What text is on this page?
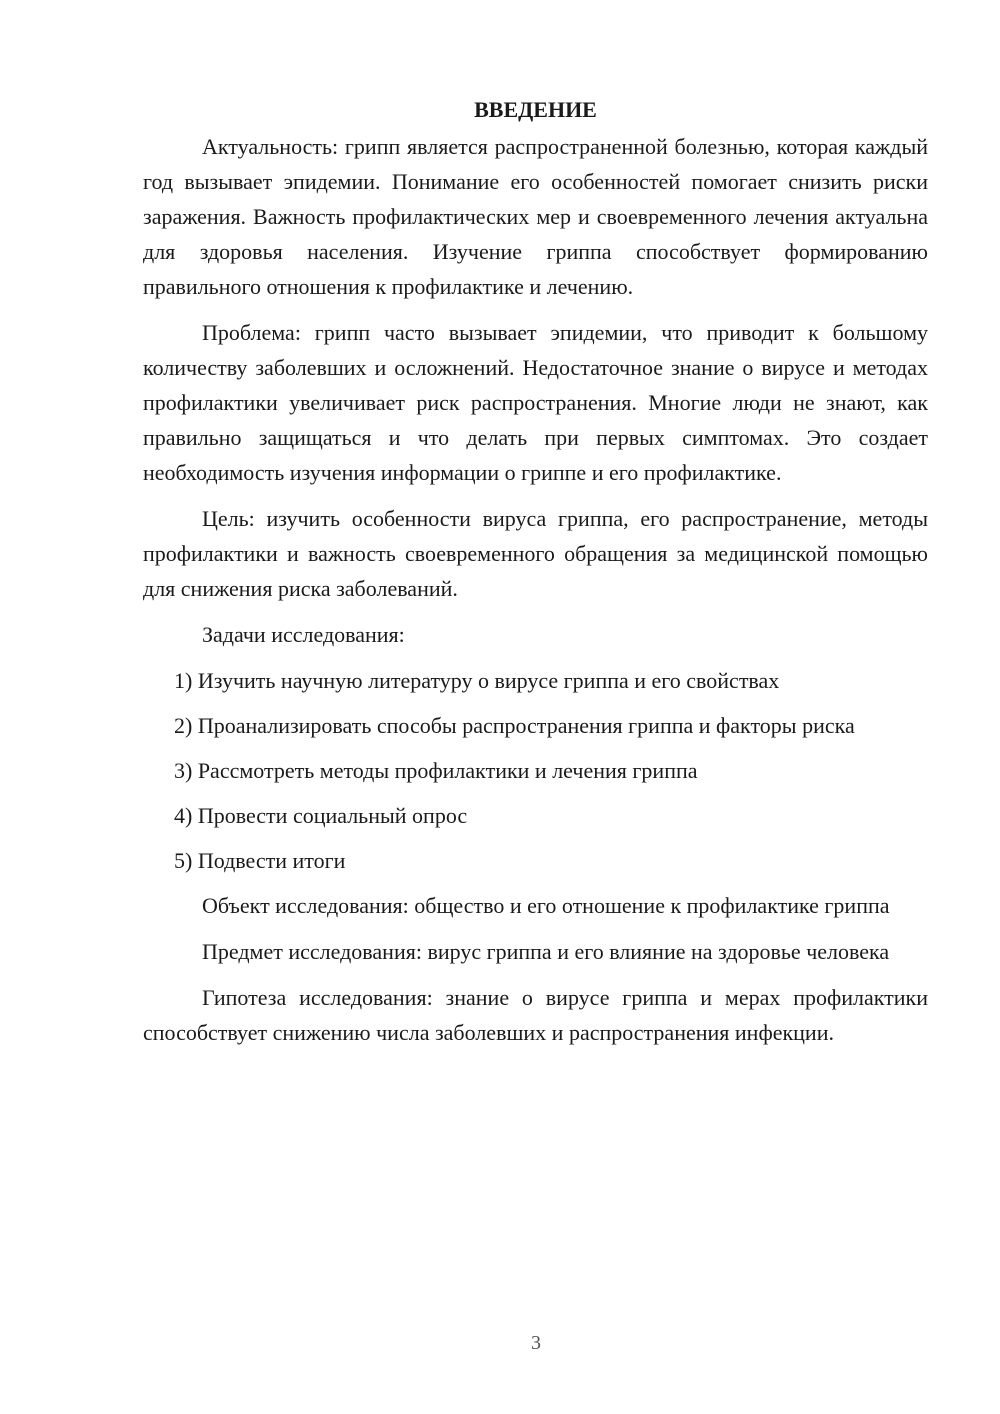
ВВЕДЕНИЕ

Актуальность: грипп является распространенной болезнью, которая каждый год вызывает эпидемии. Понимание его особенностей помогает снизить риски заражения. Важность профилактических мер и своевременного лечения актуальна для здоровья населения. Изучение гриппа способствует формированию правильного отношения к профилактике и лечению.

Проблема: грипп часто вызывает эпидемии, что приводит к большому количеству заболевших и осложнений. Недостаточное знание о вирусе и методах профилактики увеличивает риск распространения. Многие люди не знают, как правильно защищаться и что делать при первых симптомах. Это создает необходимость изучения информации о гриппе и его профилактике.

Цель: изучить особенности вируса гриппа, его распространение, методы профилактики и важность своевременного обращения за медицинской помощью для снижения риска заболеваний.

Задачи исследования:

1) Изучить научную литературу о вирусе гриппа и его свойствах

2) Проанализировать способы распространения гриппа и факторы риска

3) Рассмотреть методы профилактики и лечения гриппа

4) Провести социальный опрос

5) Подвести итоги

Объект исследования: общество и его отношение к профилактике гриппа

Предмет исследования: вирус гриппа и его влияние на здоровье человека

Гипотеза исследования: знание о вирусе гриппа и мерах профилактики способствует снижению числа заболевших и распространения инфекции.

3
